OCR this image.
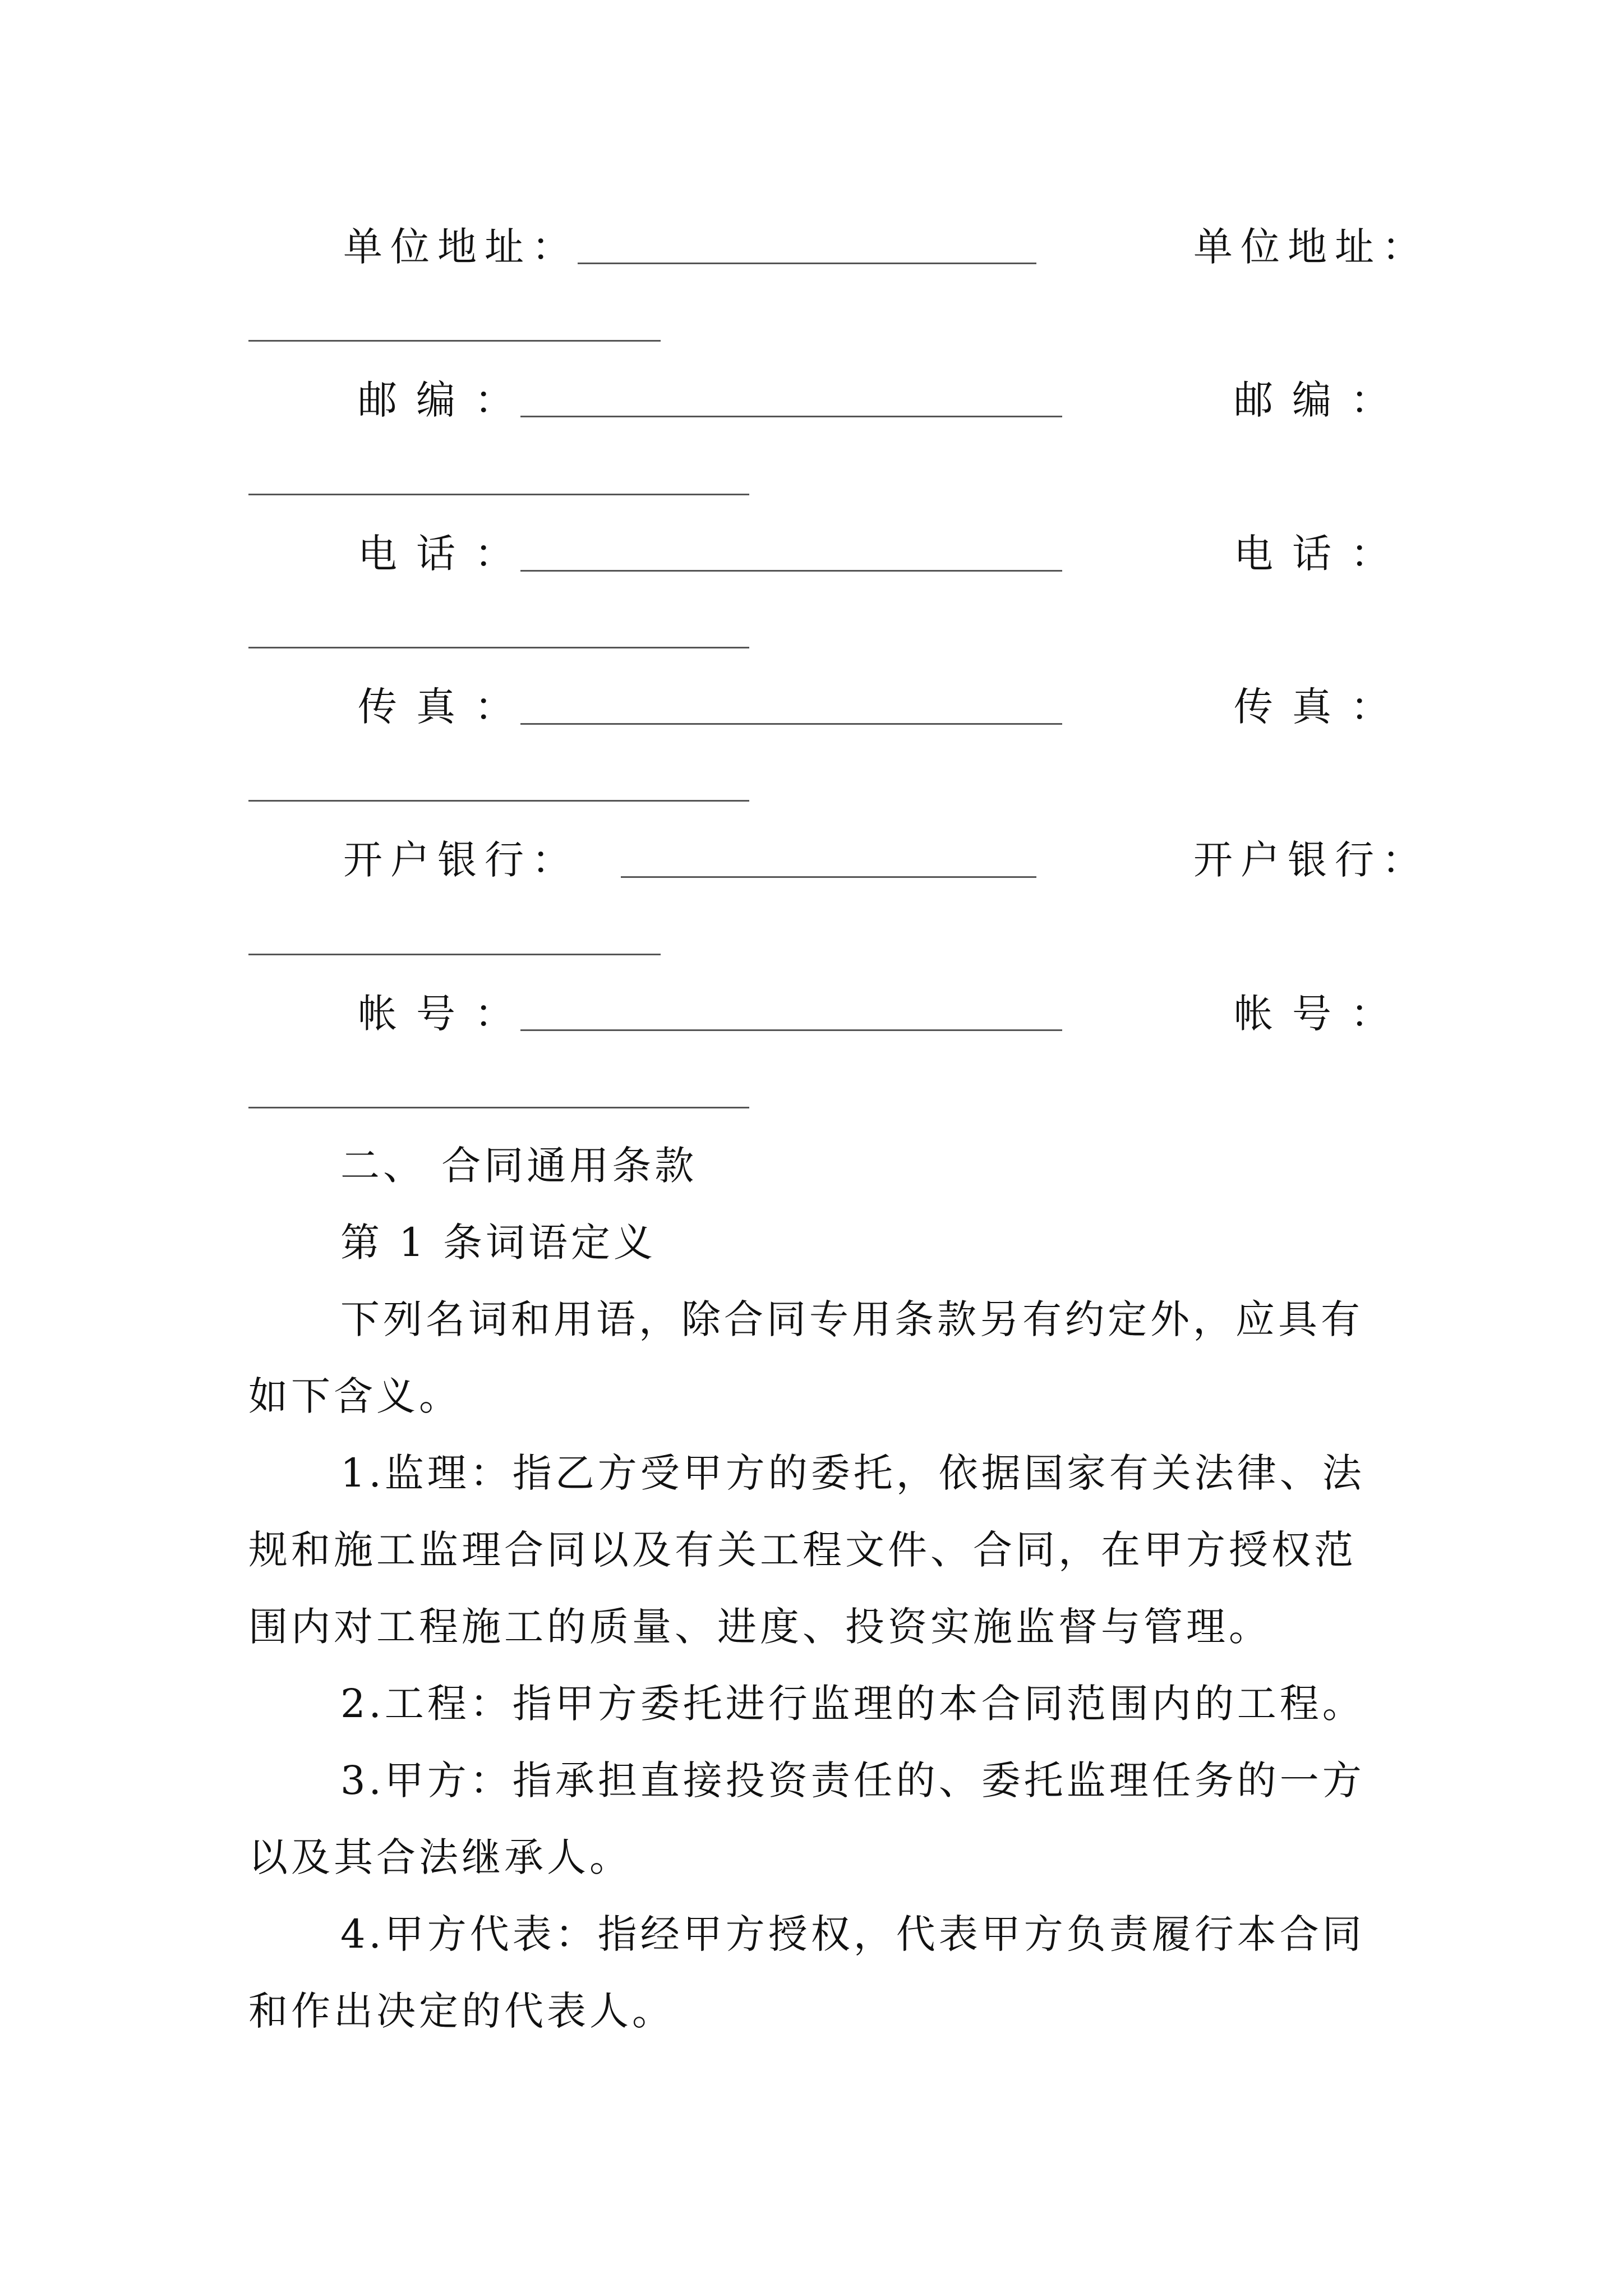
单位地址：	单位地址：
邮编：	邮编：
电话：	电话：
传真：	传真：
开户银行：	开户银行：
帐号：	帐号：

二、 合同通用条款

第 1 条词语定义

下列名词和用语，除合同专用条款另有约定外，应具有如下含义。

1.监理：指乙方受甲方的委托，依据国家有关法律、法规和施工监理合同以及有关工程文件、合同，在甲方授权范围内对工程施工的质量、进度、投资实施监督与管理。

2.工程：指甲方委托进行监理的本合同范围内的工程。

3.甲方：指承担直接投资责任的、委托监理任务的一方以及其合法继承人。

4.甲方代表：指经甲方授权，代表甲方负责履行本合同和作出决定的代表人。
